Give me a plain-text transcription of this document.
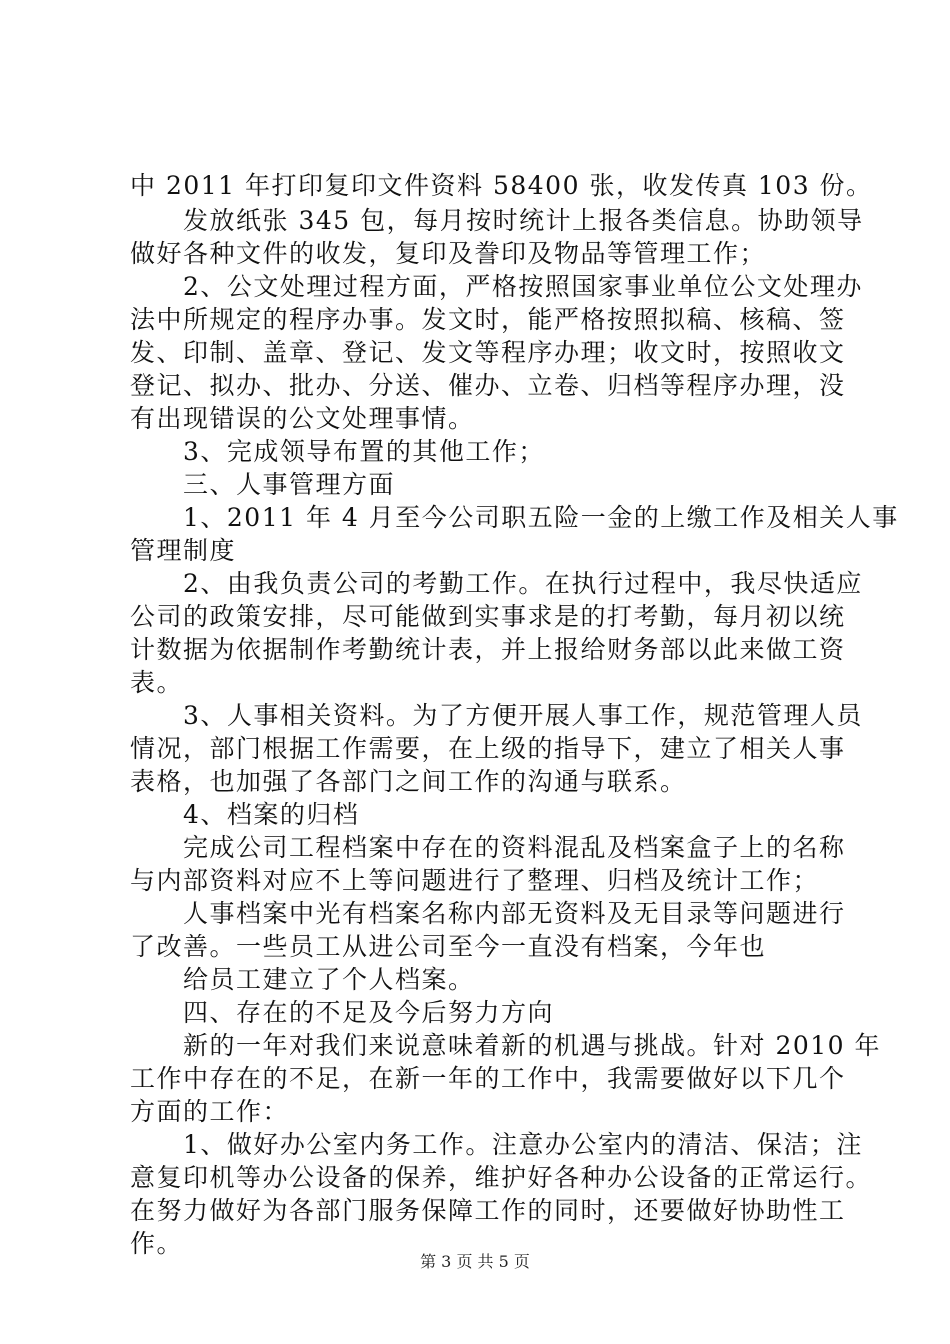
中 2011 年打印复印文件资料 58400 张，收发传真 103 份。
　　发放纸张 345 包，每月按时统计上报各类信息。协助领导
做好各种文件的收发，复印及誊印及物品等管理工作；
　　2、公文处理过程方面，严格按照国家事业单位公文处理办
法中所规定的程序办事。发文时，能严格按照拟稿、核稿、签
发、印制、盖章、登记、发文等程序办理；收文时，按照收文
登记、拟办、批办、分送、催办、立卷、归档等程序办理，没
有出现错误的公文处理事情。
　　3、完成领导布置的其他工作；
　　三、人事管理方面
　　1、2011 年 4 月至今公司职五险一金的上缴工作及相关人事
管理制度
　　2、由我负责公司的考勤工作。在执行过程中，我尽快适应
公司的政策安排，尽可能做到实事求是的打考勤，每月初以统
计数据为依据制作考勤统计表，并上报给财务部以此来做工资
表。
　　3、人事相关资料。为了方便开展人事工作，规范管理人员
情况，部门根据工作需要，在上级的指导下，建立了相关人事
表格，也加强了各部门之间工作的沟通与联系。
　　4、档案的归档
　　完成公司工程档案中存在的资料混乱及档案盒子上的名称
与内部资料对应不上等问题进行了整理、归档及统计工作；
　　人事档案中光有档案名称内部无资料及无目录等问题进行
了改善。一些员工从进公司至今一直没有档案，今年也
　　给员工建立了个人档案。
　　四、存在的不足及今后努力方向
　　新的一年对我们来说意味着新的机遇与挑战。针对 2010 年
工作中存在的不足，在新一年的工作中，我需要做好以下几个
方面的工作：
　　1、做好办公室内务工作。注意办公室内的清洁、保洁；注
意复印机等办公设备的保养，维护好各种办公设备的正常运行。
在努力做好为各部门服务保障工作的同时，还要做好协助性工
作。
第 3 页 共 5 页
